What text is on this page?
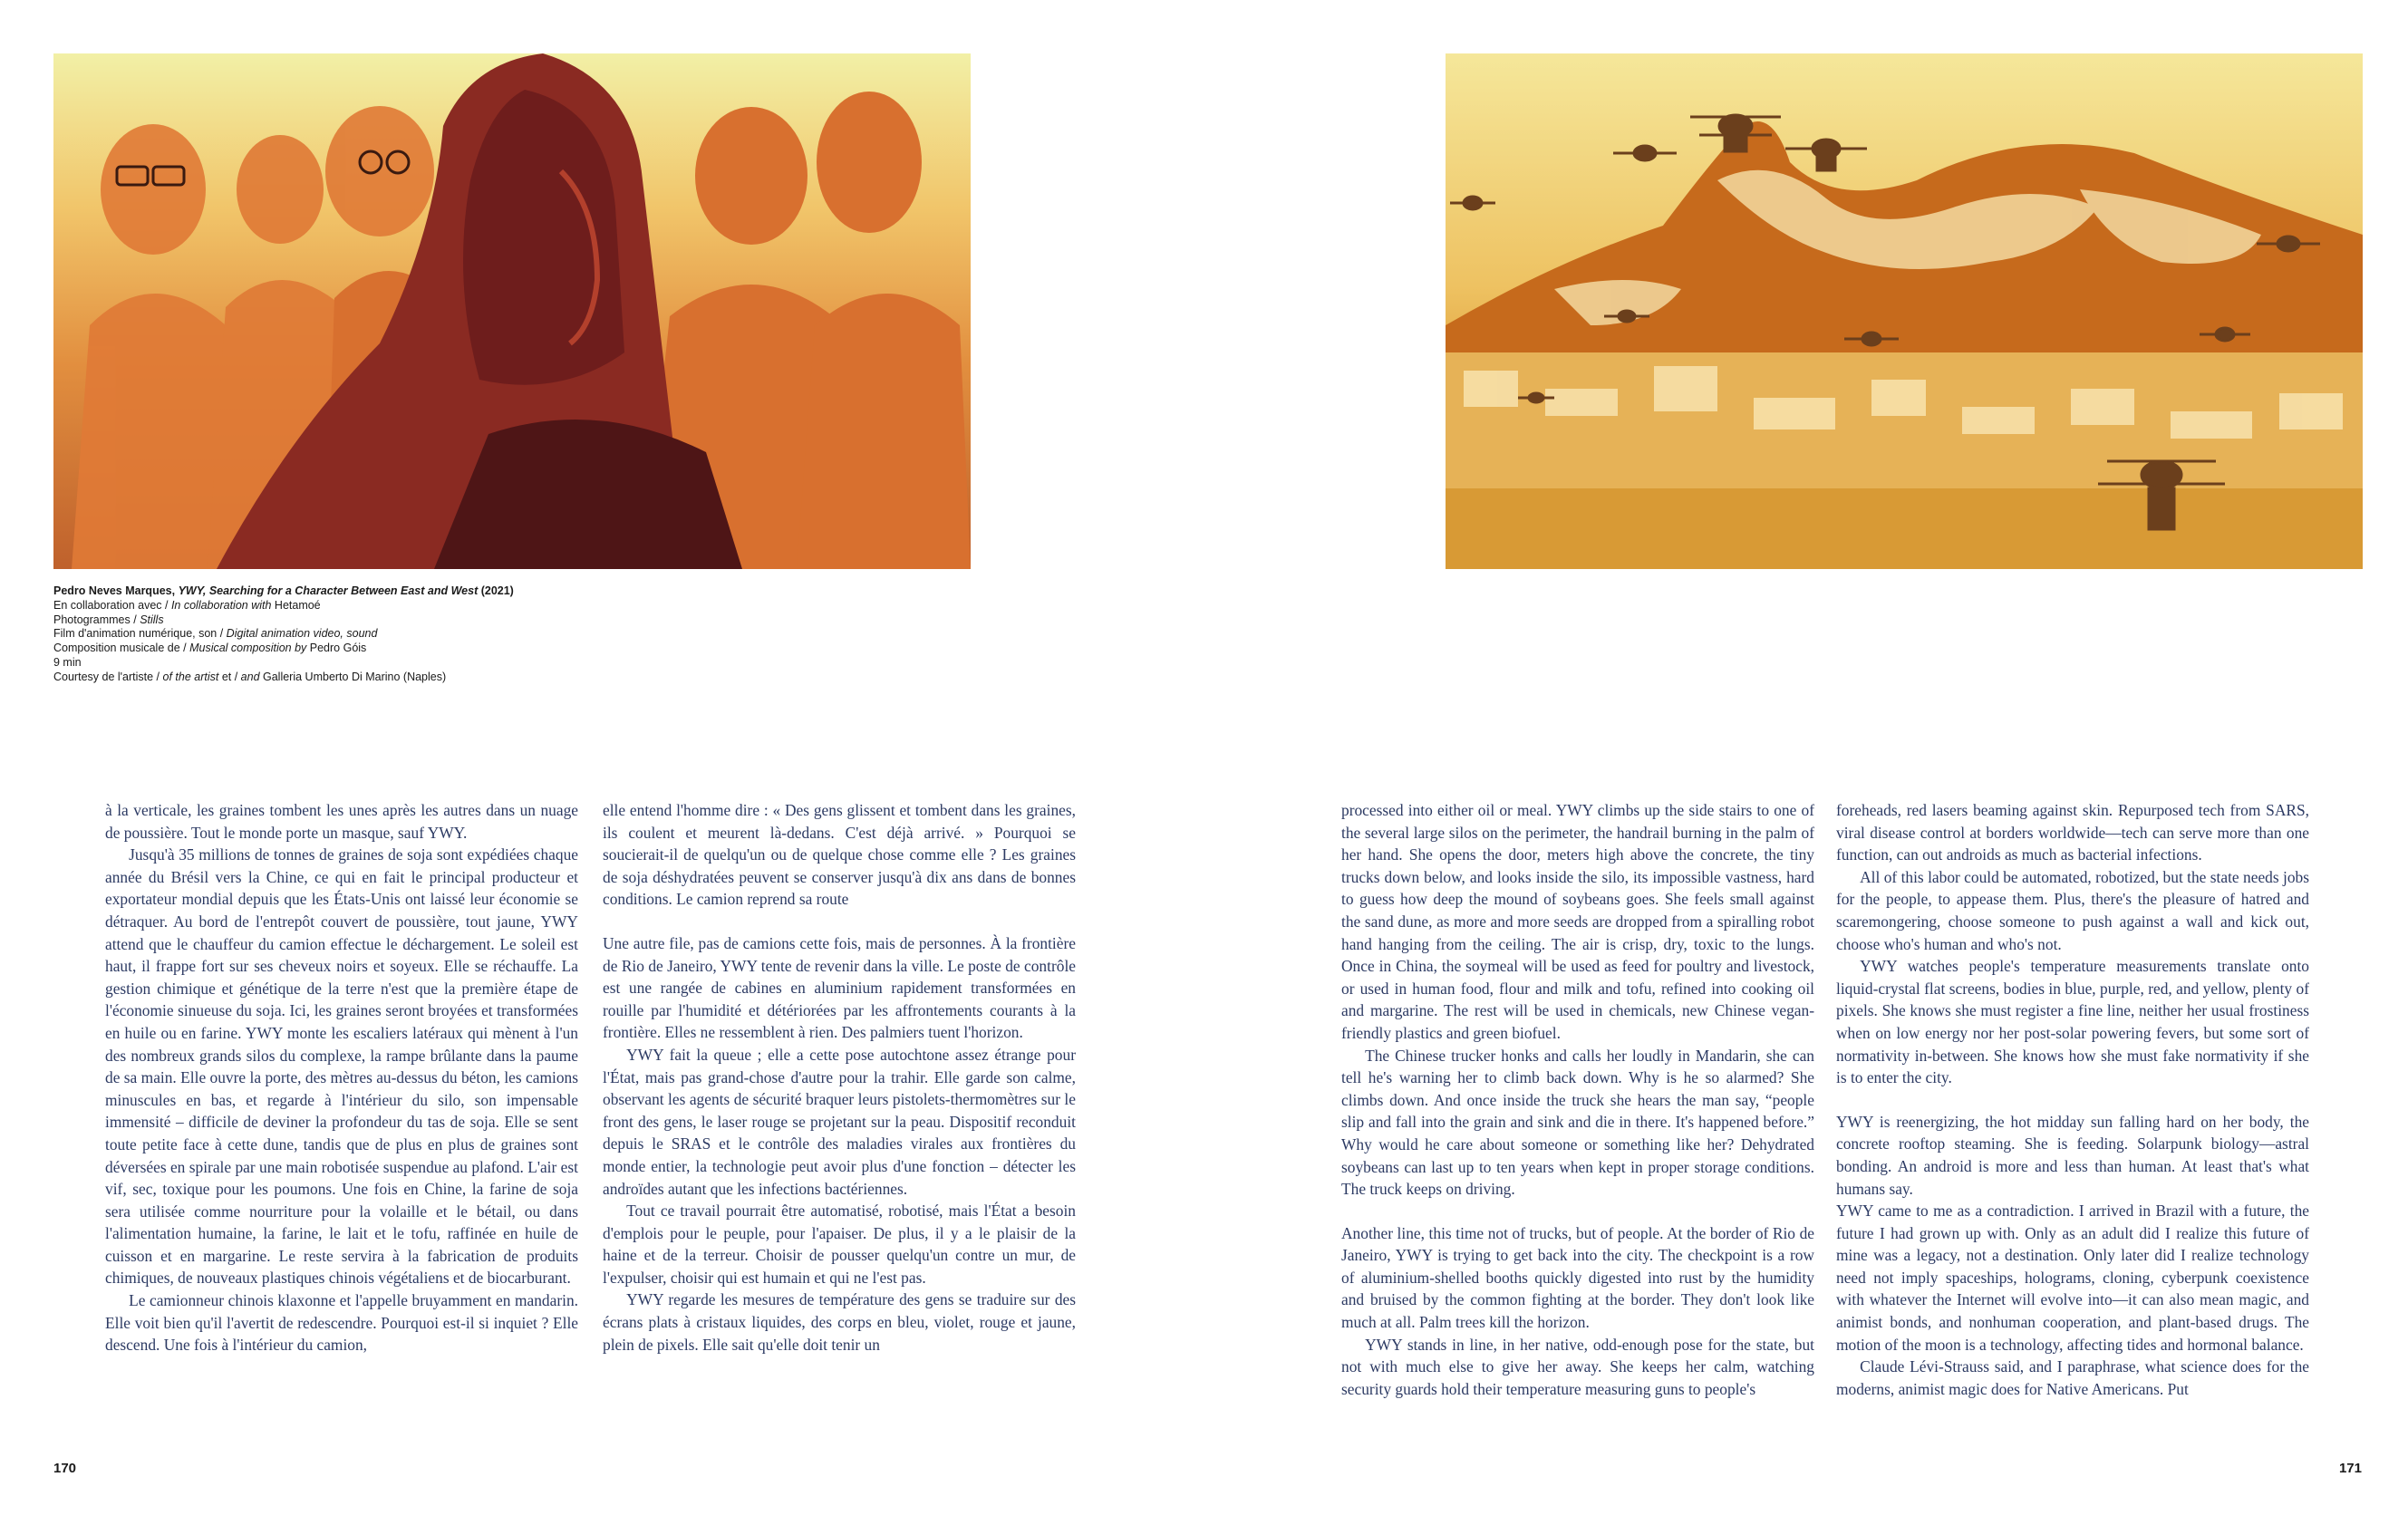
Pedro Neves Marques, YWY, Searching for a Character Between East and West (2021)
En collaboration avec / In collaboration with Hetamoé
Photogrammes / Stills
Film d'animation numérique, son / Digital animation video, sound
Composition musicale de / Musical composition by Pedro Góis
9 min
Courtesy de l'artiste / of the artist et / and Galleria Umberto Di Marino (Naples)

à la verticale, les graines tombent les unes après les autres dans un nuage de poussière. Tout le monde porte un masque, sauf YWY.

Jusqu'à 35 millions de tonnes de graines de soja sont expédiées chaque année du Brésil vers la Chine, ce qui en fait le principal producteur et exportateur mondial depuis que les États-Unis ont laissé leur économie se détraquer. Au bord de l'entrepôt couvert de poussière, tout jaune, YWY attend que le chauffeur du camion effectue le déchargement. Le soleil est haut, il frappe fort sur ses cheveux noirs et soyeux. Elle se réchauffe. La gestion chimique et génétique de la terre n'est que la première étape de l'économie sinueuse du soja. Ici, les graines seront broyées et transformées en huile ou en farine. YWY monte les escaliers latéraux qui mènent à l'un des nombreux grands silos du complexe, la rampe brûlante dans la paume de sa main. Elle ouvre la porte, des mètres au-dessus du béton, les camions minuscules en bas, et regarde à l'intérieur du silo, son impensable immensité – difficile de deviner la profondeur du tas de soja. Elle se sent toute petite face à cette dune, tandis que de plus en plus de graines sont déversées en spirale par une main robotisée suspendue au plafond. L'air est vif, sec, toxique pour les poumons. Une fois en Chine, la farine de soja sera utilisée comme nourriture pour la volaille et le bétail, ou dans l'alimentation humaine, la farine, le lait et le tofu, raffinée en huile de cuisson et en margarine. Le reste servira à la fabrication de produits chimiques, de nouveaux plastiques chinois végétaliens et de biocarburant.

Le camionneur chinois klaxonne et l'appelle bruyamment en mandarin. Elle voit bien qu'il l'avertit de redescendre. Pourquoi est-il si inquiet ? Elle descend. Une fois à l'intérieur du camion,

elle entend l'homme dire : « Des gens glissent et tombent dans les graines, ils coulent et meurent là-dedans. C'est déjà arrivé. » Pourquoi se soucierait-il de quelqu'un ou de quelque chose comme elle ? Les graines de soja déshydratées peuvent se conserver jusqu'à dix ans dans de bonnes conditions. Le camion reprend sa route

Une autre file, pas de camions cette fois, mais de personnes. À la frontière de Rio de Janeiro, YWY tente de revenir dans la ville. Le poste de contrôle est une rangée de cabines en aluminium rapidement transformées en rouille par l'humidité et détériorées par les affrontements courants à la frontière. Elles ne ressemblent à rien. Des palmiers tuent l'horizon.

YWY fait la queue ; elle a cette pose autochtone assez étrange pour l'État, mais pas grand-chose d'autre pour la trahir. Elle garde son calme, observant les agents de sécurité braquer leurs pistolets-thermomètres sur le front des gens, le laser rouge se projetant sur la peau. Dispositif reconduit depuis le SRAS et le contrôle des maladies virales aux frontières du monde entier, la technologie peut avoir plus d'une fonction – détecter les androïdes autant que les infections bactériennes.

Tout ce travail pourrait être automatisé, robotisé, mais l'État a besoin d'emplois pour le peuple, pour l'apaiser. De plus, il y a le plaisir de la haine et de la terreur. Choisir de pousser quelqu'un contre un mur, de l'expulser, choisir qui est humain et qui ne l'est pas.

YWY regarde les mesures de température des gens se traduire sur des écrans plats à cristaux liquides, des corps en bleu, violet, rouge et jaune, plein de pixels. Elle sait qu'elle doit tenir un

processed into either oil or meal. YWY climbs up the side stairs to one of the several large silos on the perimeter, the handrail burning in the palm of her hand. She opens the door, meters high above the concrete, the tiny trucks down below, and looks inside the silo, its impossible vastness, hard to guess how deep the mound of soybeans goes. She feels small against the sand dune, as more and more seeds are dropped from a spiralling robot hand hanging from the ceiling. The air is crisp, dry, toxic to the lungs. Once in China, the soymeal will be used as feed for poultry and livestock, or used in human food, flour and milk and tofu, refined into cooking oil and margarine. The rest will be used in chemicals, new Chinese vegan-friendly plastics and green biofuel.

The Chinese trucker honks and calls her loudly in Mandarin, she can tell he's warning her to climb back down. Why is he so alarmed? She climbs down. And once inside the truck she hears the man say, “people slip and fall into the grain and sink and die in there. It's happened before.” Why would he care about someone or something like her? Dehydrated soybeans can last up to ten years when kept in proper storage conditions. The truck keeps on driving.

Another line, this time not of trucks, but of people. At the border of Rio de Janeiro, YWY is trying to get back into the city. The checkpoint is a row of aluminium-shelled booths quickly digested into rust by the humidity and bruised by the common fighting at the border. They don't look like much at all. Palm trees kill the horizon.

YWY stands in line, in her native, odd-enough pose for the state, but not with much else to give her away. She keeps her calm, watching security guards hold their temperature measuring guns to people's

foreheads, red lasers beaming against skin. Repurposed tech from SARS, viral disease control at borders worldwide—tech can serve more than one function, can out androids as much as bacterial infections.

All of this labor could be automated, robotized, but the state needs jobs for the people, to appease them. Plus, there's the pleasure of hatred and scaremongering, choose someone to push against a wall and kick out, choose who's human and who's not.

YWY watches people's temperature measurements translate onto liquid-crystal flat screens, bodies in blue, purple, red, and yellow, plenty of pixels. She knows she must register a fine line, neither her usual frostiness when on low energy nor her post-solar powering fevers, but some sort of normativity in-between. She knows how she must fake normativity if she is to enter the city.

YWY is reenergizing, the hot midday sun falling hard on her body, the concrete rooftop steaming. She is feeding. Solarpunk biology—astral bonding. An android is more and less than human. At least that's what humans say.

YWY came to me as a contradiction. I arrived in Brazil with a future, the future I had grown up with. Only as an adult did I realize this future of mine was a legacy, not a destination. Only later did I realize technology need not imply spaceships, holograms, cloning, cyberpunk coexistence with whatever the Internet will evolve into—it can also mean magic, and animist bonds, and nonhuman cooperation, and plant-based drugs. The motion of the moon is a technology, affecting tides and hormonal balance.

Claude Lévi-Strauss said, and I paraphrase, what science does for the moderns, animist magic does for Native Americans. Put

170	171
